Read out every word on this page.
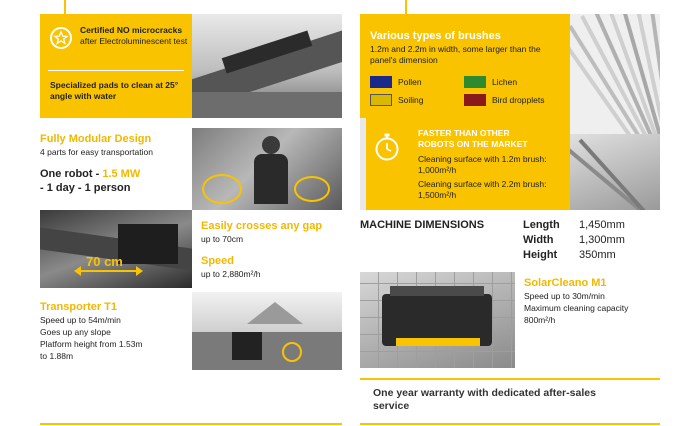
Certified NO microcracks after Electroluminescent test
Specialized pads to clean at 25° angle with water
Fully Modular Design
4 parts for easy transportation
One robot - 1.5 MW
- 1 day - 1 person
Easily crosses any gap
up to 70cm
Speed
up to 2,880m²/h
70 cm
Transporter T1
Speed up to 54m/min
Goes up any slope
Platform height from 1.53m
to 1.88m
Various types of brushes
1.2m and 2.2m in width, some larger than the panel's dimension
Pollen	Lichen
Soiling	Bird dropplets
FASTER THAN OTHER ROBOTS ON THE MARKET
Cleaning surface with 1.2m brush:
1,000m²/h
Cleaning surface with 2.2m brush:
1,500m²/h
MACHINE DIMENSIONS	Length 1,450mm
Width 1,300mm
Height 350mm
SolarCleano M1
Speed up to 30m/min
Maximum cleaning capacity
800m²/h
One year warranty with dedicated after-sales service
